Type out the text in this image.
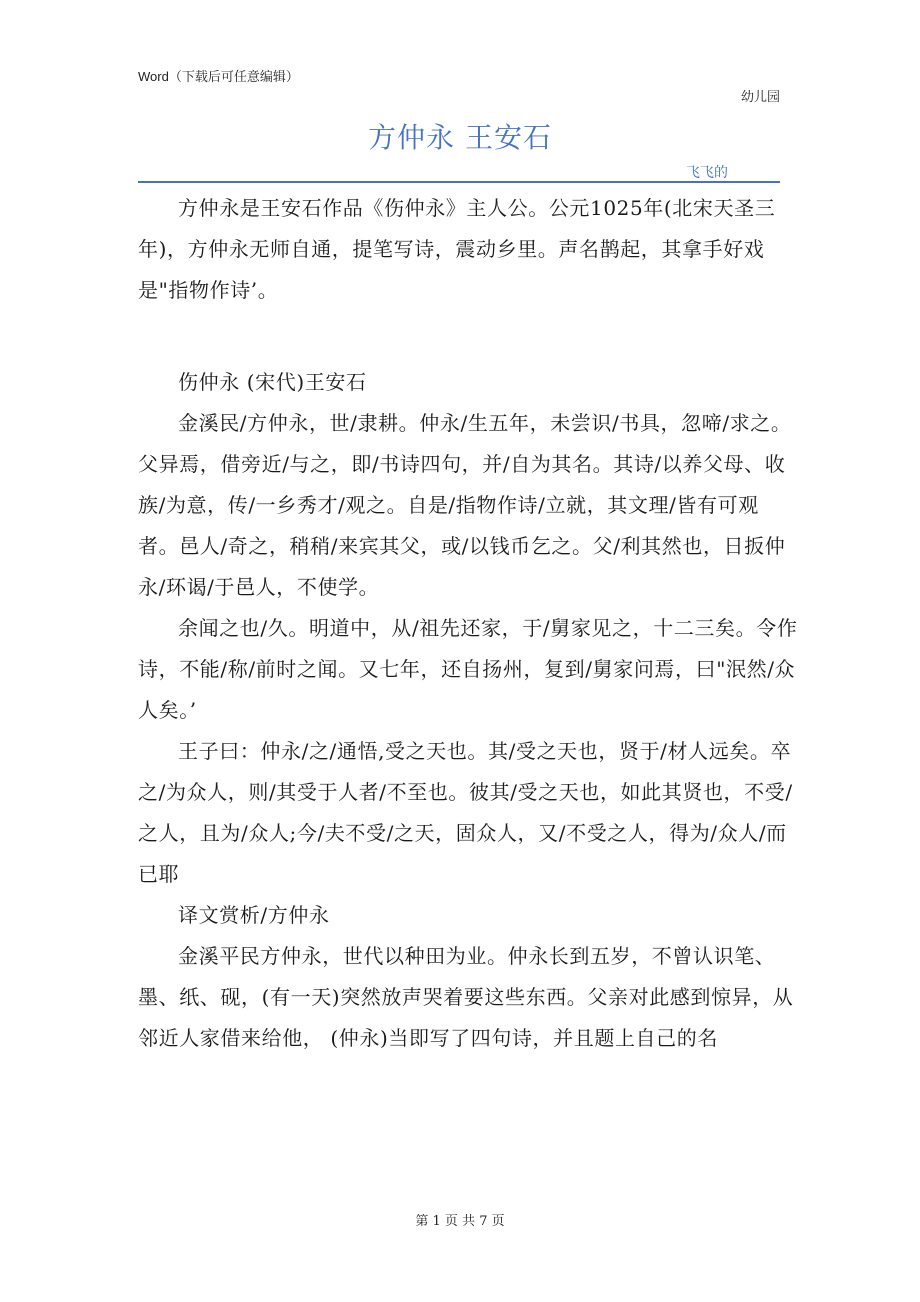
Word（下载后可任意编辑）
幼儿园
方仲永 王安石
飞飞的

方仲永是王安石作品《伤仲永》主人公。公元1025年(北宋天圣三年)，方仲永无师自通，提笔写诗，震动乡里。声名鹊起，其拿手好戏是"指物作诗’。

伤仲永 (宋代)王安石

金溪民/方仲永，世/隶耕。仲永/生五年，未尝识/书具，忽啼/求之。父异焉，借旁近/与之，即/书诗四句，并/自为其名。其诗/以养父母、收族/为意，传/一乡秀才/观之。自是/指物作诗/立就，其文理/皆有可观者。邑人/奇之，稍稍/来宾其父，或/以钱币乞之。父/利其然也，日扳仲永/环谒/于邑人，不使学。

余闻之也/久。明道中，从/祖先还家，于/舅家见之，十二三矣。令作诗，不能/称/前时之闻。又七年，还自扬州，复到/舅家问焉，曰"泯然/众人矣。’

王子曰：仲永/之/通悟,受之天也。其/受之天也，贤于/材人远矣。卒之/为众人，则/其受于人者/不至也。彼其/受之天也，如此其贤也，不受/之人，且为/众人;今/夫不受/之天，固众人，又/不受之人，得为/众人/而已耶

译文赏析/方仲永

金溪平民方仲永，世代以种田为业。仲永长到五岁，不曾认识笔、墨、纸、砚，(有一天)突然放声哭着要这些东西。父亲对此感到惊异，从邻近人家借来给他， (仲永)当即写了四句诗，并且题上自己的名

第 1 页 共 7 页
